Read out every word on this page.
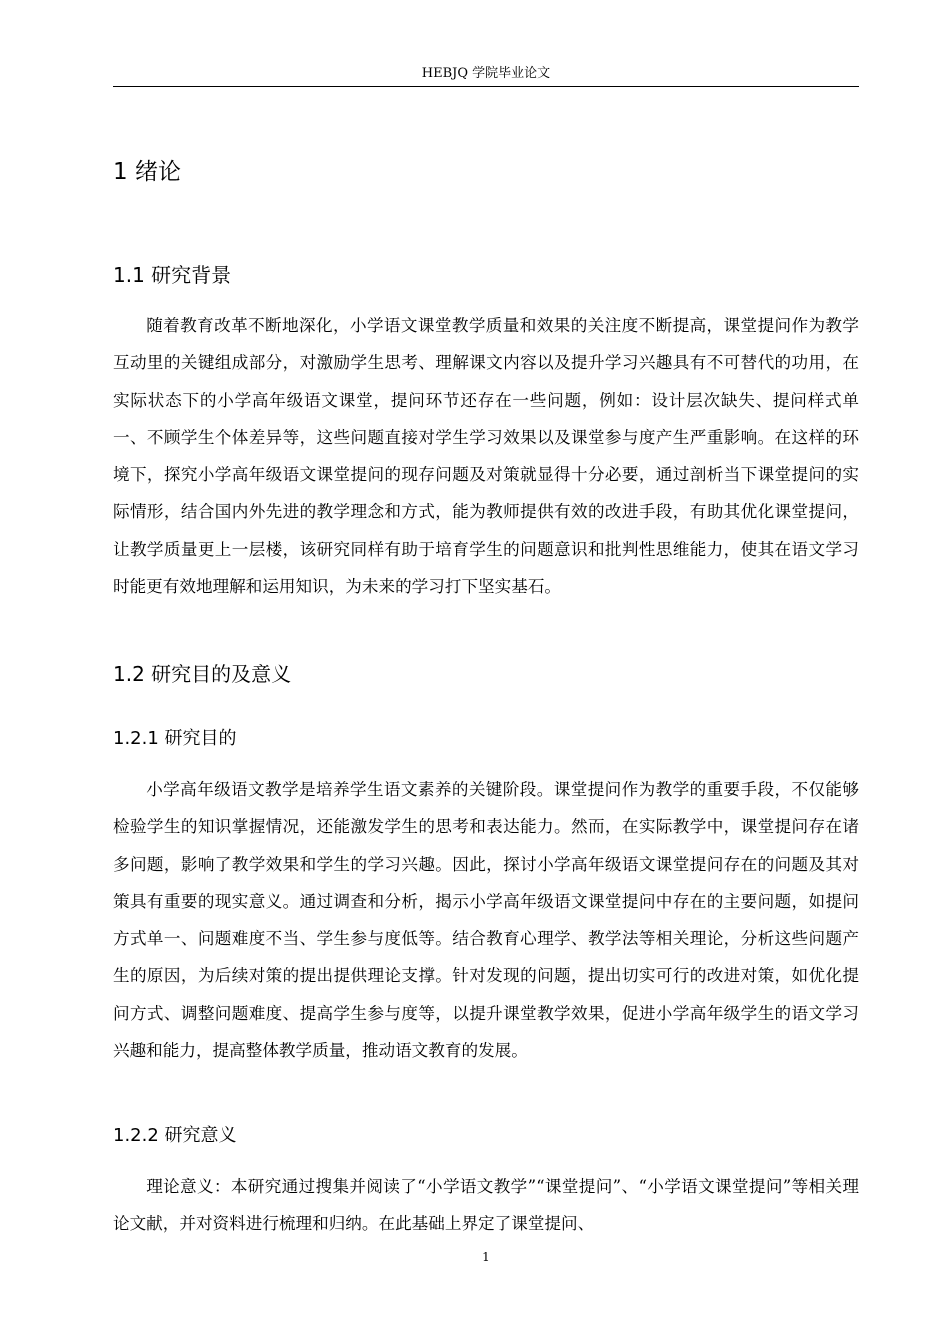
HEBJQ 学院毕业论文
1 绪论
1.1 研究背景

随着教育改革不断地深化，小学语文课堂教学质量和效果的关注度不断提高，课堂提问作为教学互动里的关键组成部分，对激励学生思考、理解课文内容以及提升学习兴趣具有不可替代的功用，在实际状态下的小学高年级语文课堂，提问环节还存在一些问题，例如：设计层次缺失、提问样式单一、不顾学生个体差异等，这些问题直接对学生学习效果以及课堂参与度产生严重影响。在这样的环境下，探究小学高年级语文课堂提问的现存问题及对策就显得十分必要，通过剖析当下课堂提问的实际情形，结合国内外先进的教学理念和方式，能为教师提供有效的改进手段，有助其优化课堂提问，让教学质量更上一层楼，该研究同样有助于培育学生的问题意识和批判性思维能力，使其在语文学习时能更有效地理解和运用知识，为未来的学习打下坚实基石。

1.2 研究目的及意义
1.2.1 研究目的

小学高年级语文教学是培养学生语文素养的关键阶段。课堂提问作为教学的重要手段，不仅能够检验学生的知识掌握情况，还能激发学生的思考和表达能力。然而，在实际教学中，课堂提问存在诸多问题，影响了教学效果和学生的学习兴趣。因此，探讨小学高年级语文课堂提问存在的问题及其对策具有重要的现实意义。通过调查和分析，揭示小学高年级语文课堂提问中存在的主要问题，如提问方式单一、问题难度不当、学生参与度低等。结合教育心理学、教学法等相关理论，分析这些问题产生的原因，为后续对策的提出提供理论支撑。针对发现的问题，提出切实可行的改进对策，如优化提问方式、调整问题难度、提高学生参与度等，以提升课堂教学效果，促进小学高年级学生的语文学习兴趣和能力，提高整体教学质量，推动语文教育的发展。

1.2.2 研究意义

理论意义：本研究通过搜集并阅读了“小学语文教学”“课堂提问”、“小学语文课堂提问”等相关理论文献，并对资料进行梳理和归纳。在此基础上界定了课堂提问、

1
